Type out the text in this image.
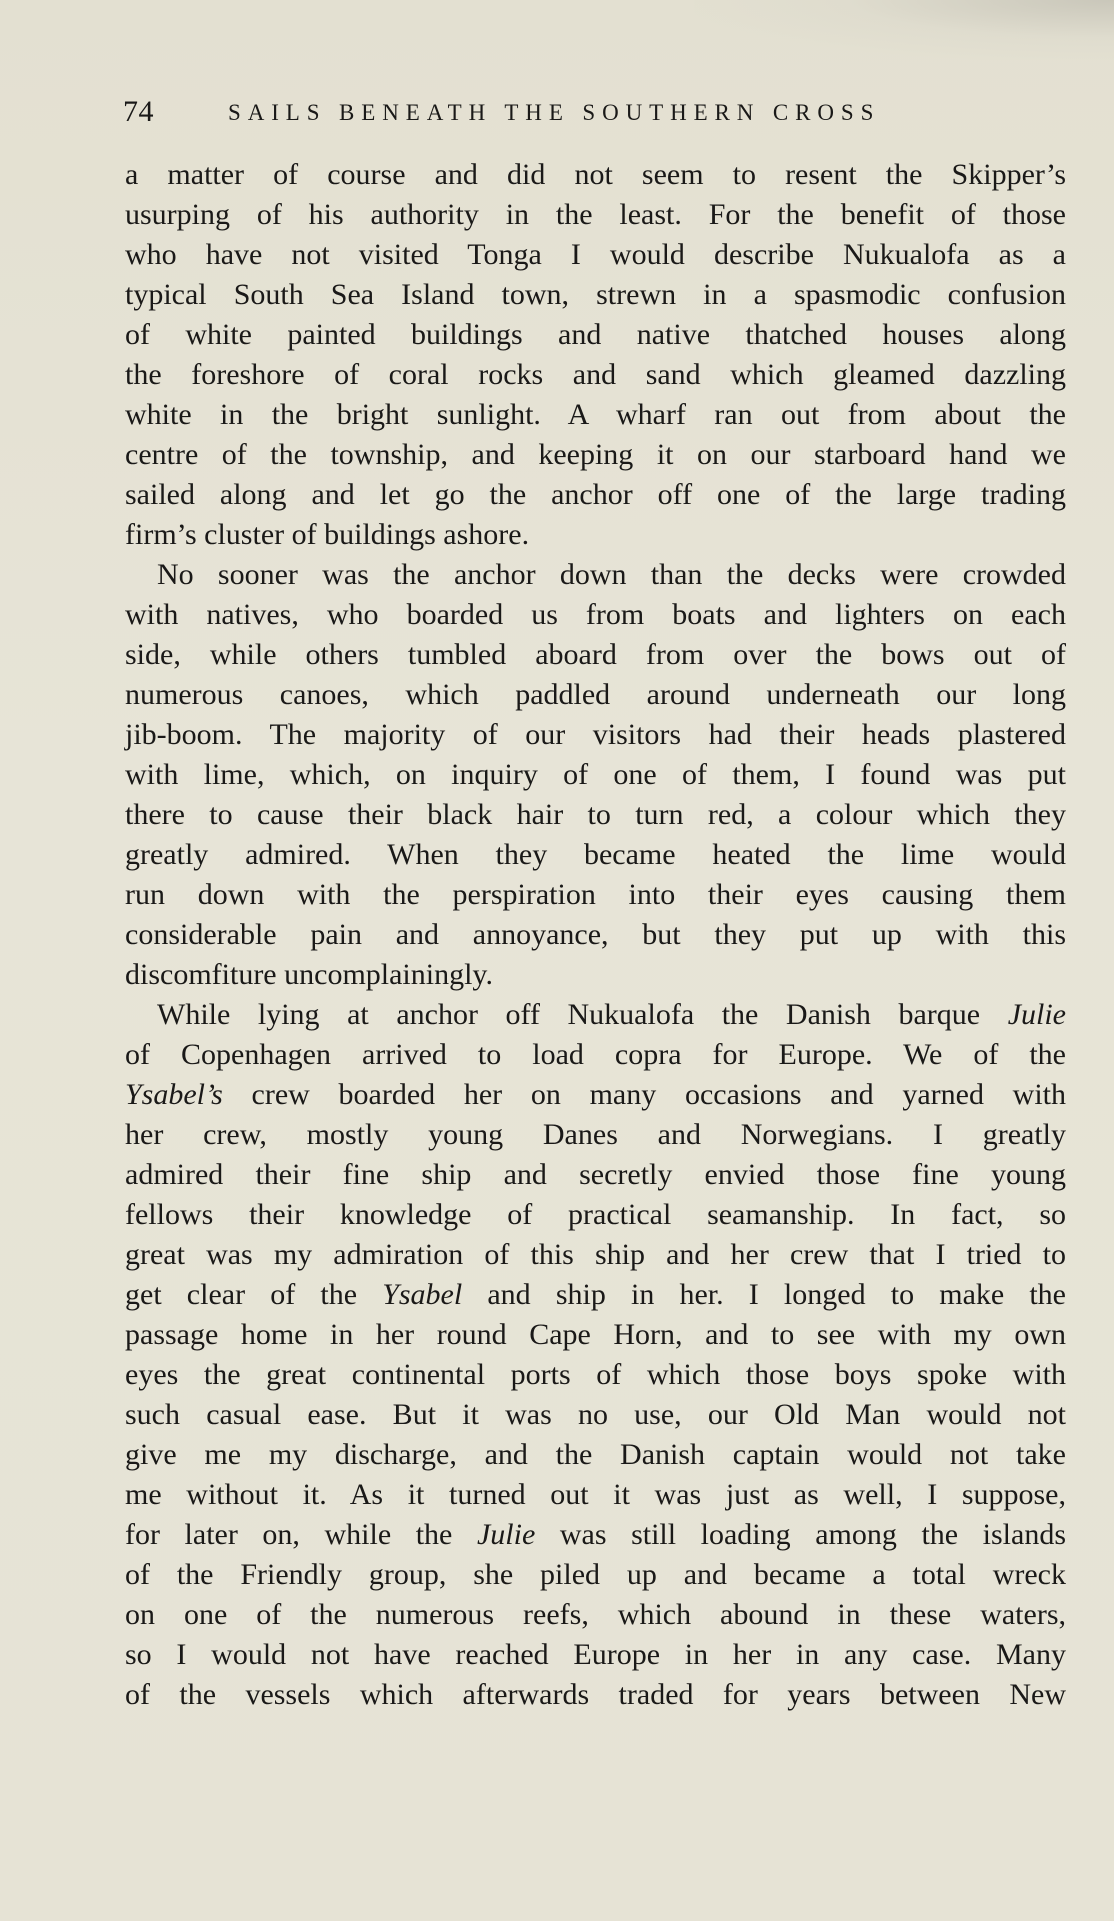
74	SAILS BENEATH THE SOUTHERN CROSS
a matter of course and did not seem to resent the Skipper’s
usurping of his authority in the least. For the benefit of those
who have not visited Tonga I would describe Nukualofa as a
typical South Sea Island town, strewn in a spasmodic confusion
of white painted buildings and native thatched houses along
the foreshore of coral rocks and sand which gleamed dazzling
white in the bright sunlight. A wharf ran out from about the
centre of the township, and keeping it on our starboard hand we
sailed along and let go the anchor off one of the large trading
firm’s cluster of buildings ashore.
No sooner was the anchor down than the decks were crowded
with natives, who boarded us from boats and lighters on each
side, while others tumbled aboard from over the bows out of
numerous canoes, which paddled around underneath our long
jib-boom. The majority of our visitors had their heads plastered
with lime, which, on inquiry of one of them, I found was put
there to cause their black hair to turn red, a colour which they
greatly admired. When they became heated the lime would
run down with the perspiration into their eyes causing them
considerable pain and annoyance, but they put up with this
discomfiture uncomplainingly.
While lying at anchor off Nukualofa the Danish barque Julie
of Copenhagen arrived to load copra for Europe. We of the
Ysabel’s crew boarded her on many occasions and yarned with
her crew, mostly young Danes and Norwegians. I greatly
admired their fine ship and secretly envied those fine young
fellows their knowledge of practical seamanship. In fact, so
great was my admiration of this ship and her crew that I tried to
get clear of the Ysabel and ship in her. I longed to make the
passage home in her round Cape Horn, and to see with my own
eyes the great continental ports of which those boys spoke with
such casual ease. But it was no use, our Old Man would not
give me my discharge, and the Danish captain would not take
me without it. As it turned out it was just as well, I suppose,
for later on, while the Julie was still loading among the islands
of the Friendly group, she piled up and became a total wreck
on one of the numerous reefs, which abound in these waters,
so I would not have reached Europe in her in any case. Many
of the vessels which afterwards traded for years between New
